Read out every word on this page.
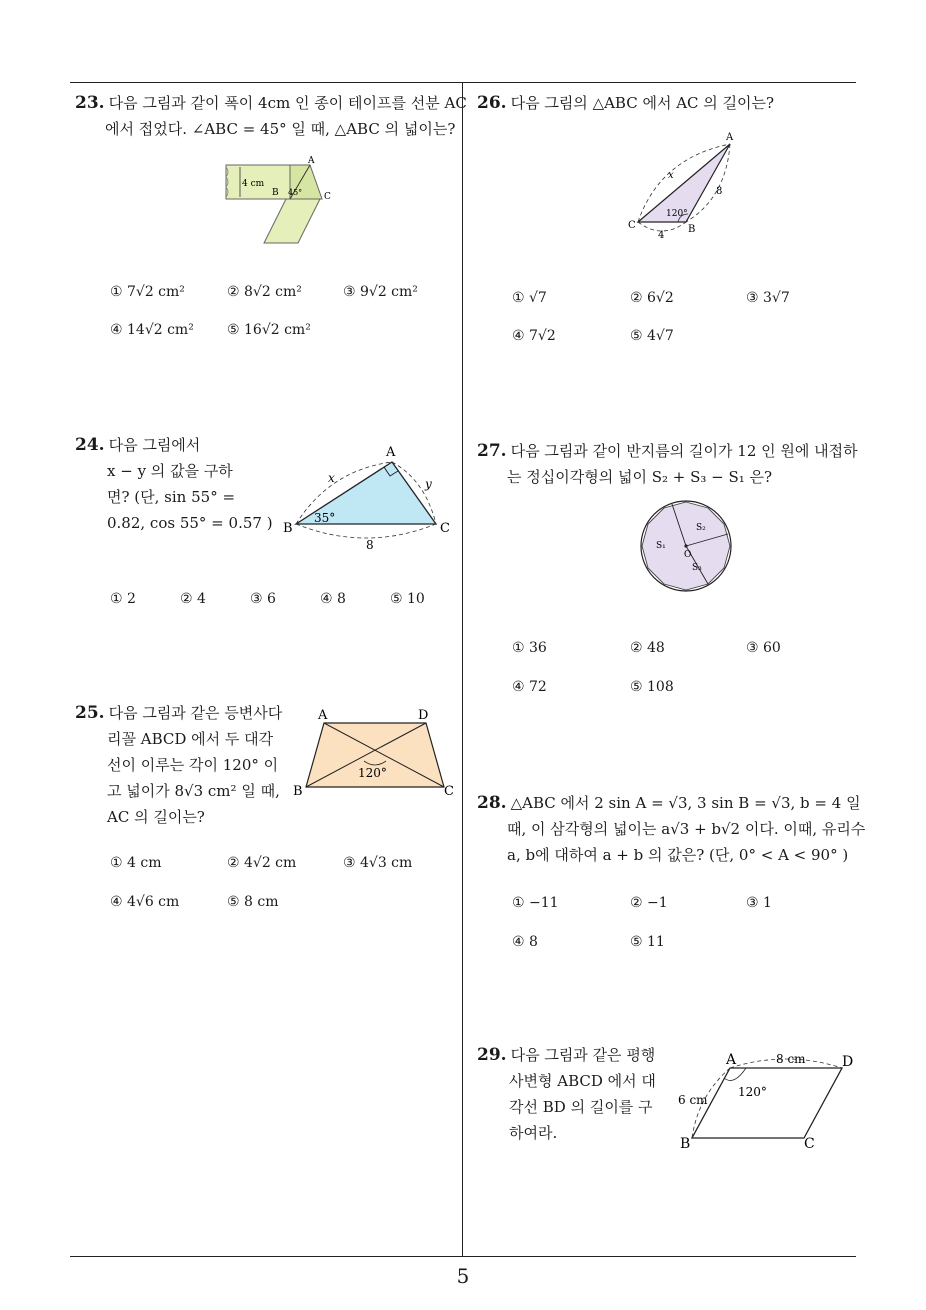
5
23. 다음 그림과 같이 폭이 4cm 인 종이 테이프를 선분 AC
에서 접었다. ∠ABC = 45° 일 때, △ABC 의 넓이는?
4 cm
A
B	C
45°
① 7√2 cm²	② 8√2 cm²	③ 9√2 cm²
④ 14√2 cm² ⑤ 16√2 cm²
24. 다음 그림에서
x − y 의 값을 구하
면? (단, sin 55° =
0.82, cos 55° = 0.57 )
A
B	C
x	y
35°
8
① 2	② 4	③ 6	④ 8	⑤ 10
25. 다음 그림과 같은 등변사다
리꼴 ABCD 에서 두 대각
선이 이루는 각이 120° 이
고 넓이가 8√3 cm² 일 때,
AC 의 길이는?
A	D
B	C
120°
① 4 cm	② 4√2 cm	③ 4√3 cm
④ 4√6 cm	⑤ 8 cm
26. 다음 그림의 △ABC 에서 AC 의 길이는?
A
B
C
x
8
4
120°
① √7	② 6√2	③ 3√7
④ 7√2	⑤ 4√7
27. 다음 그림과 같이 반지름의 길이가 12 인 원에 내접하
는 정십이각형의 넓이 S₂ + S₃ − S₁ 은?
S₁
S₂
S₃
O
① 36	② 48	③ 60
④ 72	⑤ 108
28. △ABC 에서 2 sin A = √3, 3 sin B = √3, b = 4 일
때, 이 삼각형의 넓이는 a√3 + b√2 이다. 이때, 유리수
a, b에 대하여 a + b 의 값은? (단, 0° < A < 90° )
① −11	② −1	③ 1
④ 8	⑤ 11
29. 다음 그림과 같은 평행
사변형 ABCD 에서 대
각선 BD 의 길이를 구
하여라.
A	D
B	C
8 cm
6 cm
120°
